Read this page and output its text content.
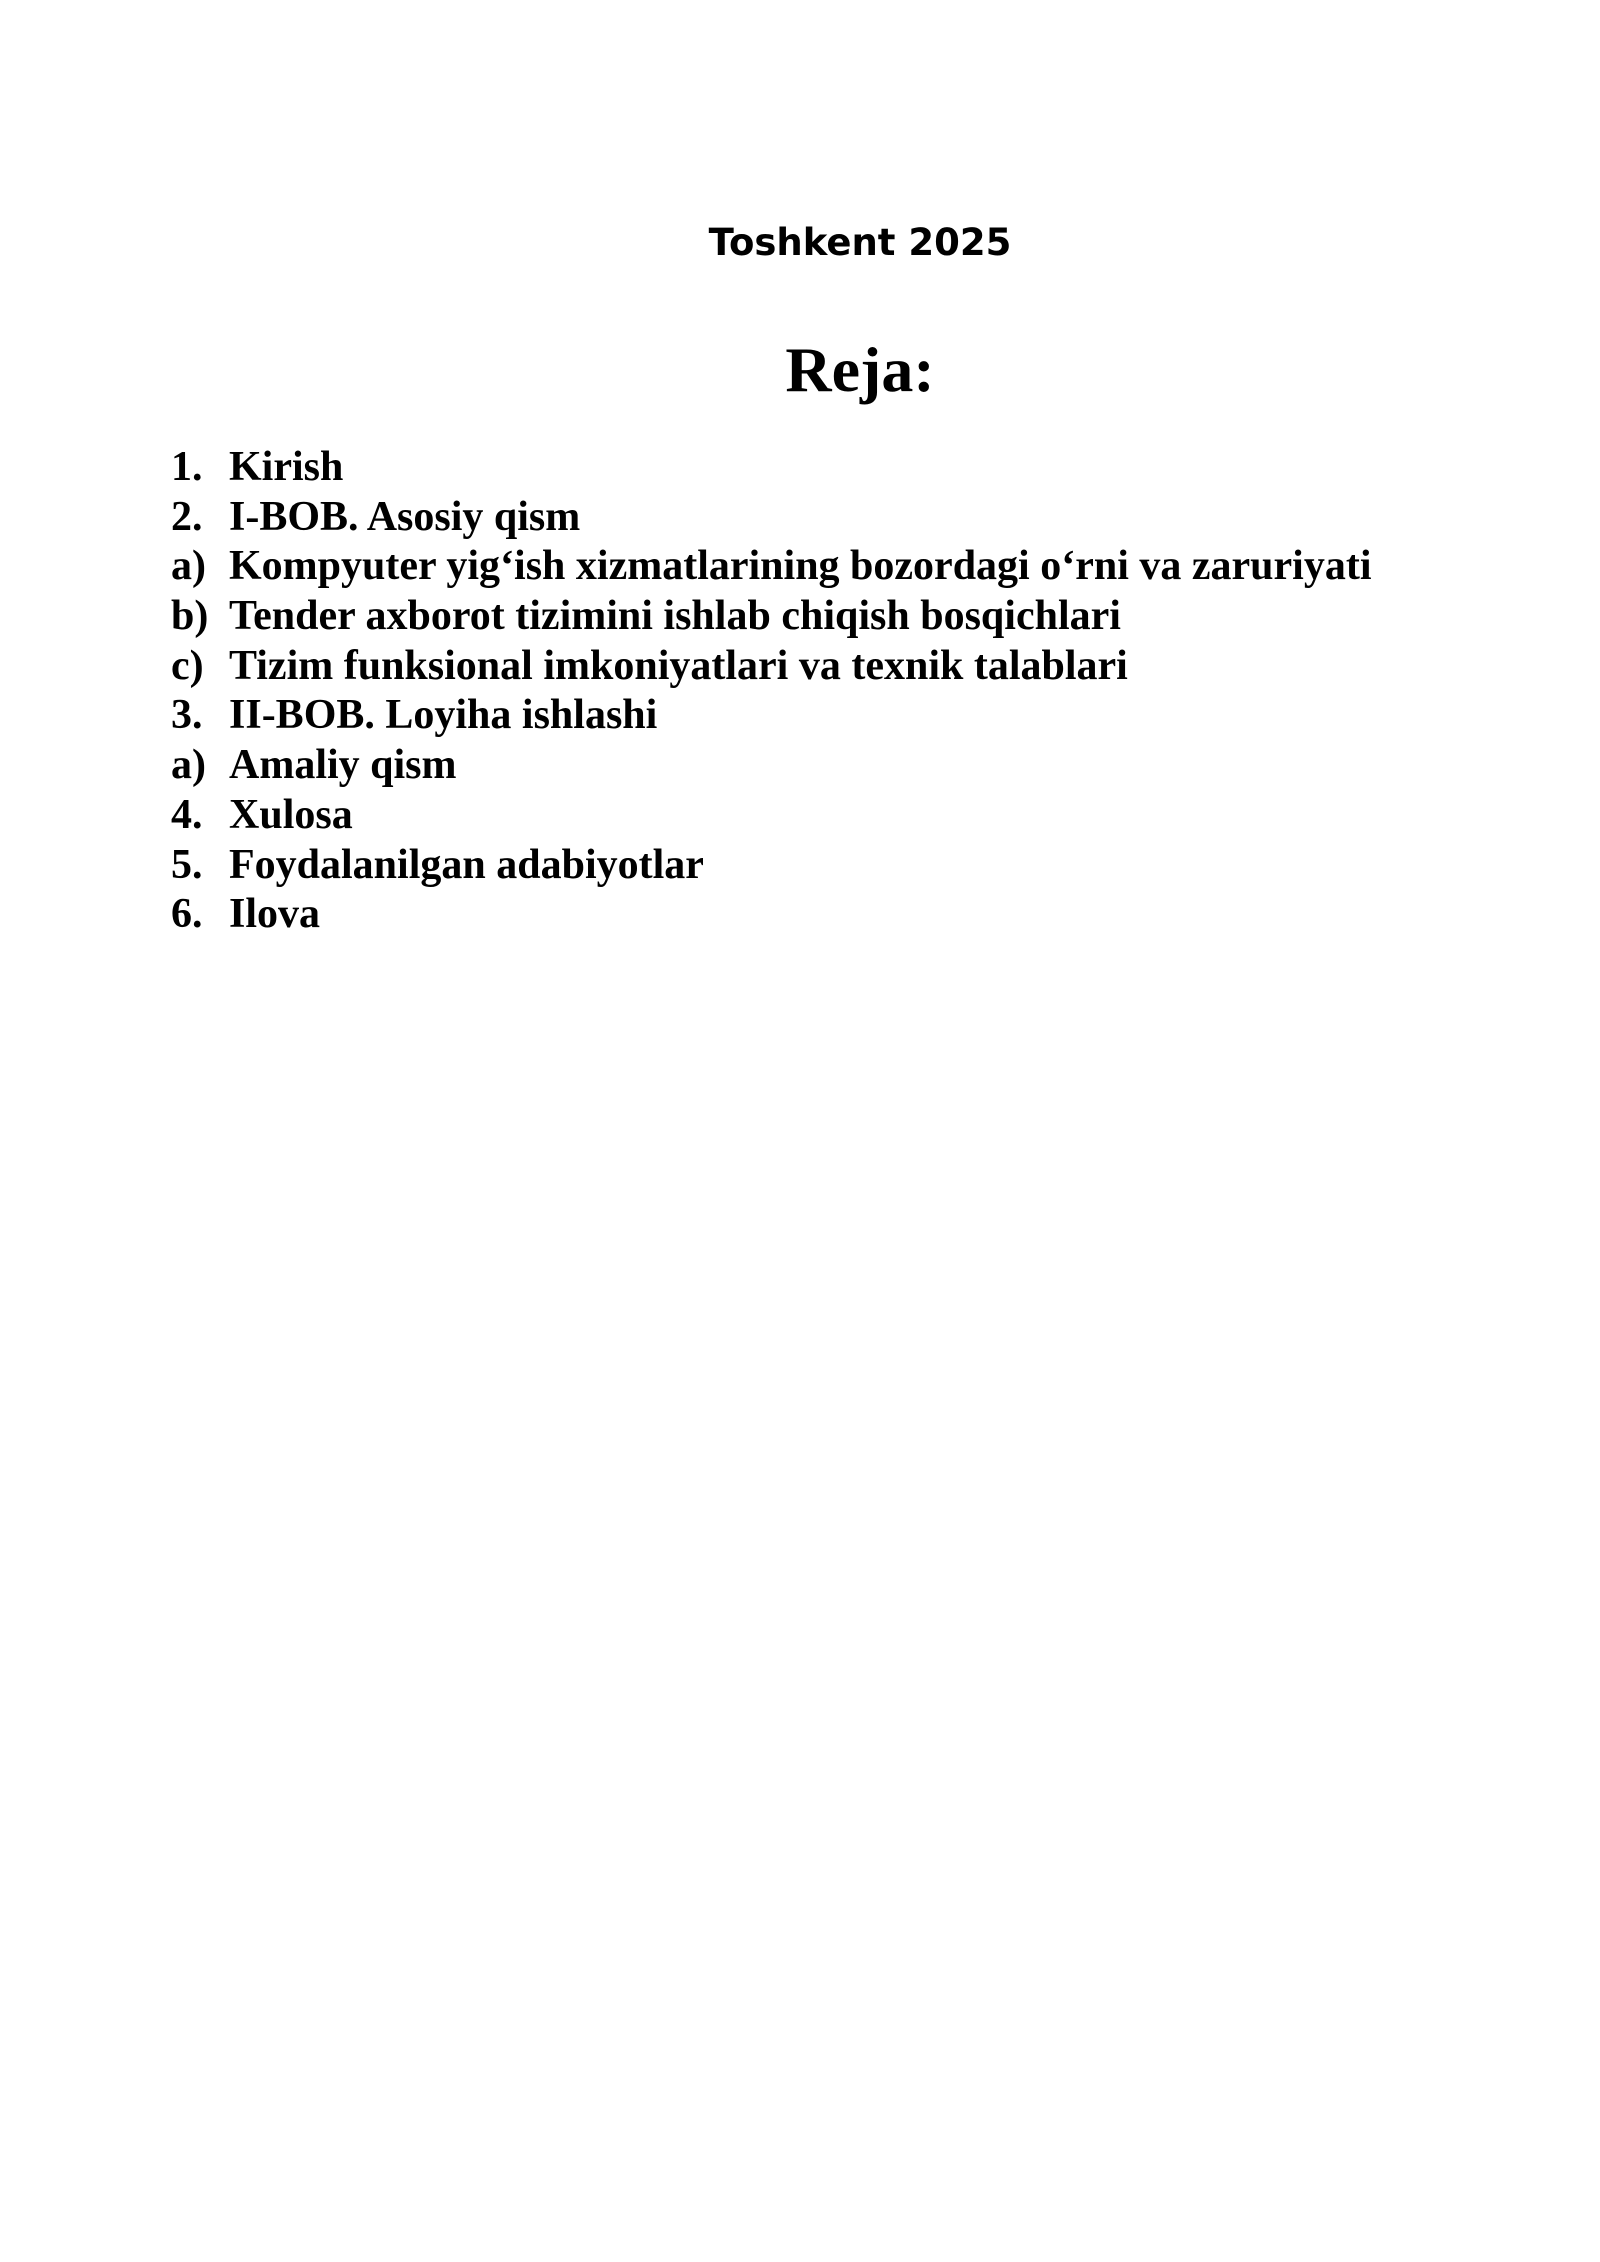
Toshkent 2025
Reja:
1. Kirish
2. I-BOB. Asosiy qism
a) Kompyuter yig‘ish xizmatlarining bozordagi o‘rni va zaruriyati
b) Tender axborot tizimini ishlab chiqish bosqichlari
c) Tizim funksional imkoniyatlari va texnik talablari
3. II-BOB. Loyiha ishlashi
a) Amaliy qism
4. Xulosa
5. Foydalanilgan adabiyotlar
6. Ilova
